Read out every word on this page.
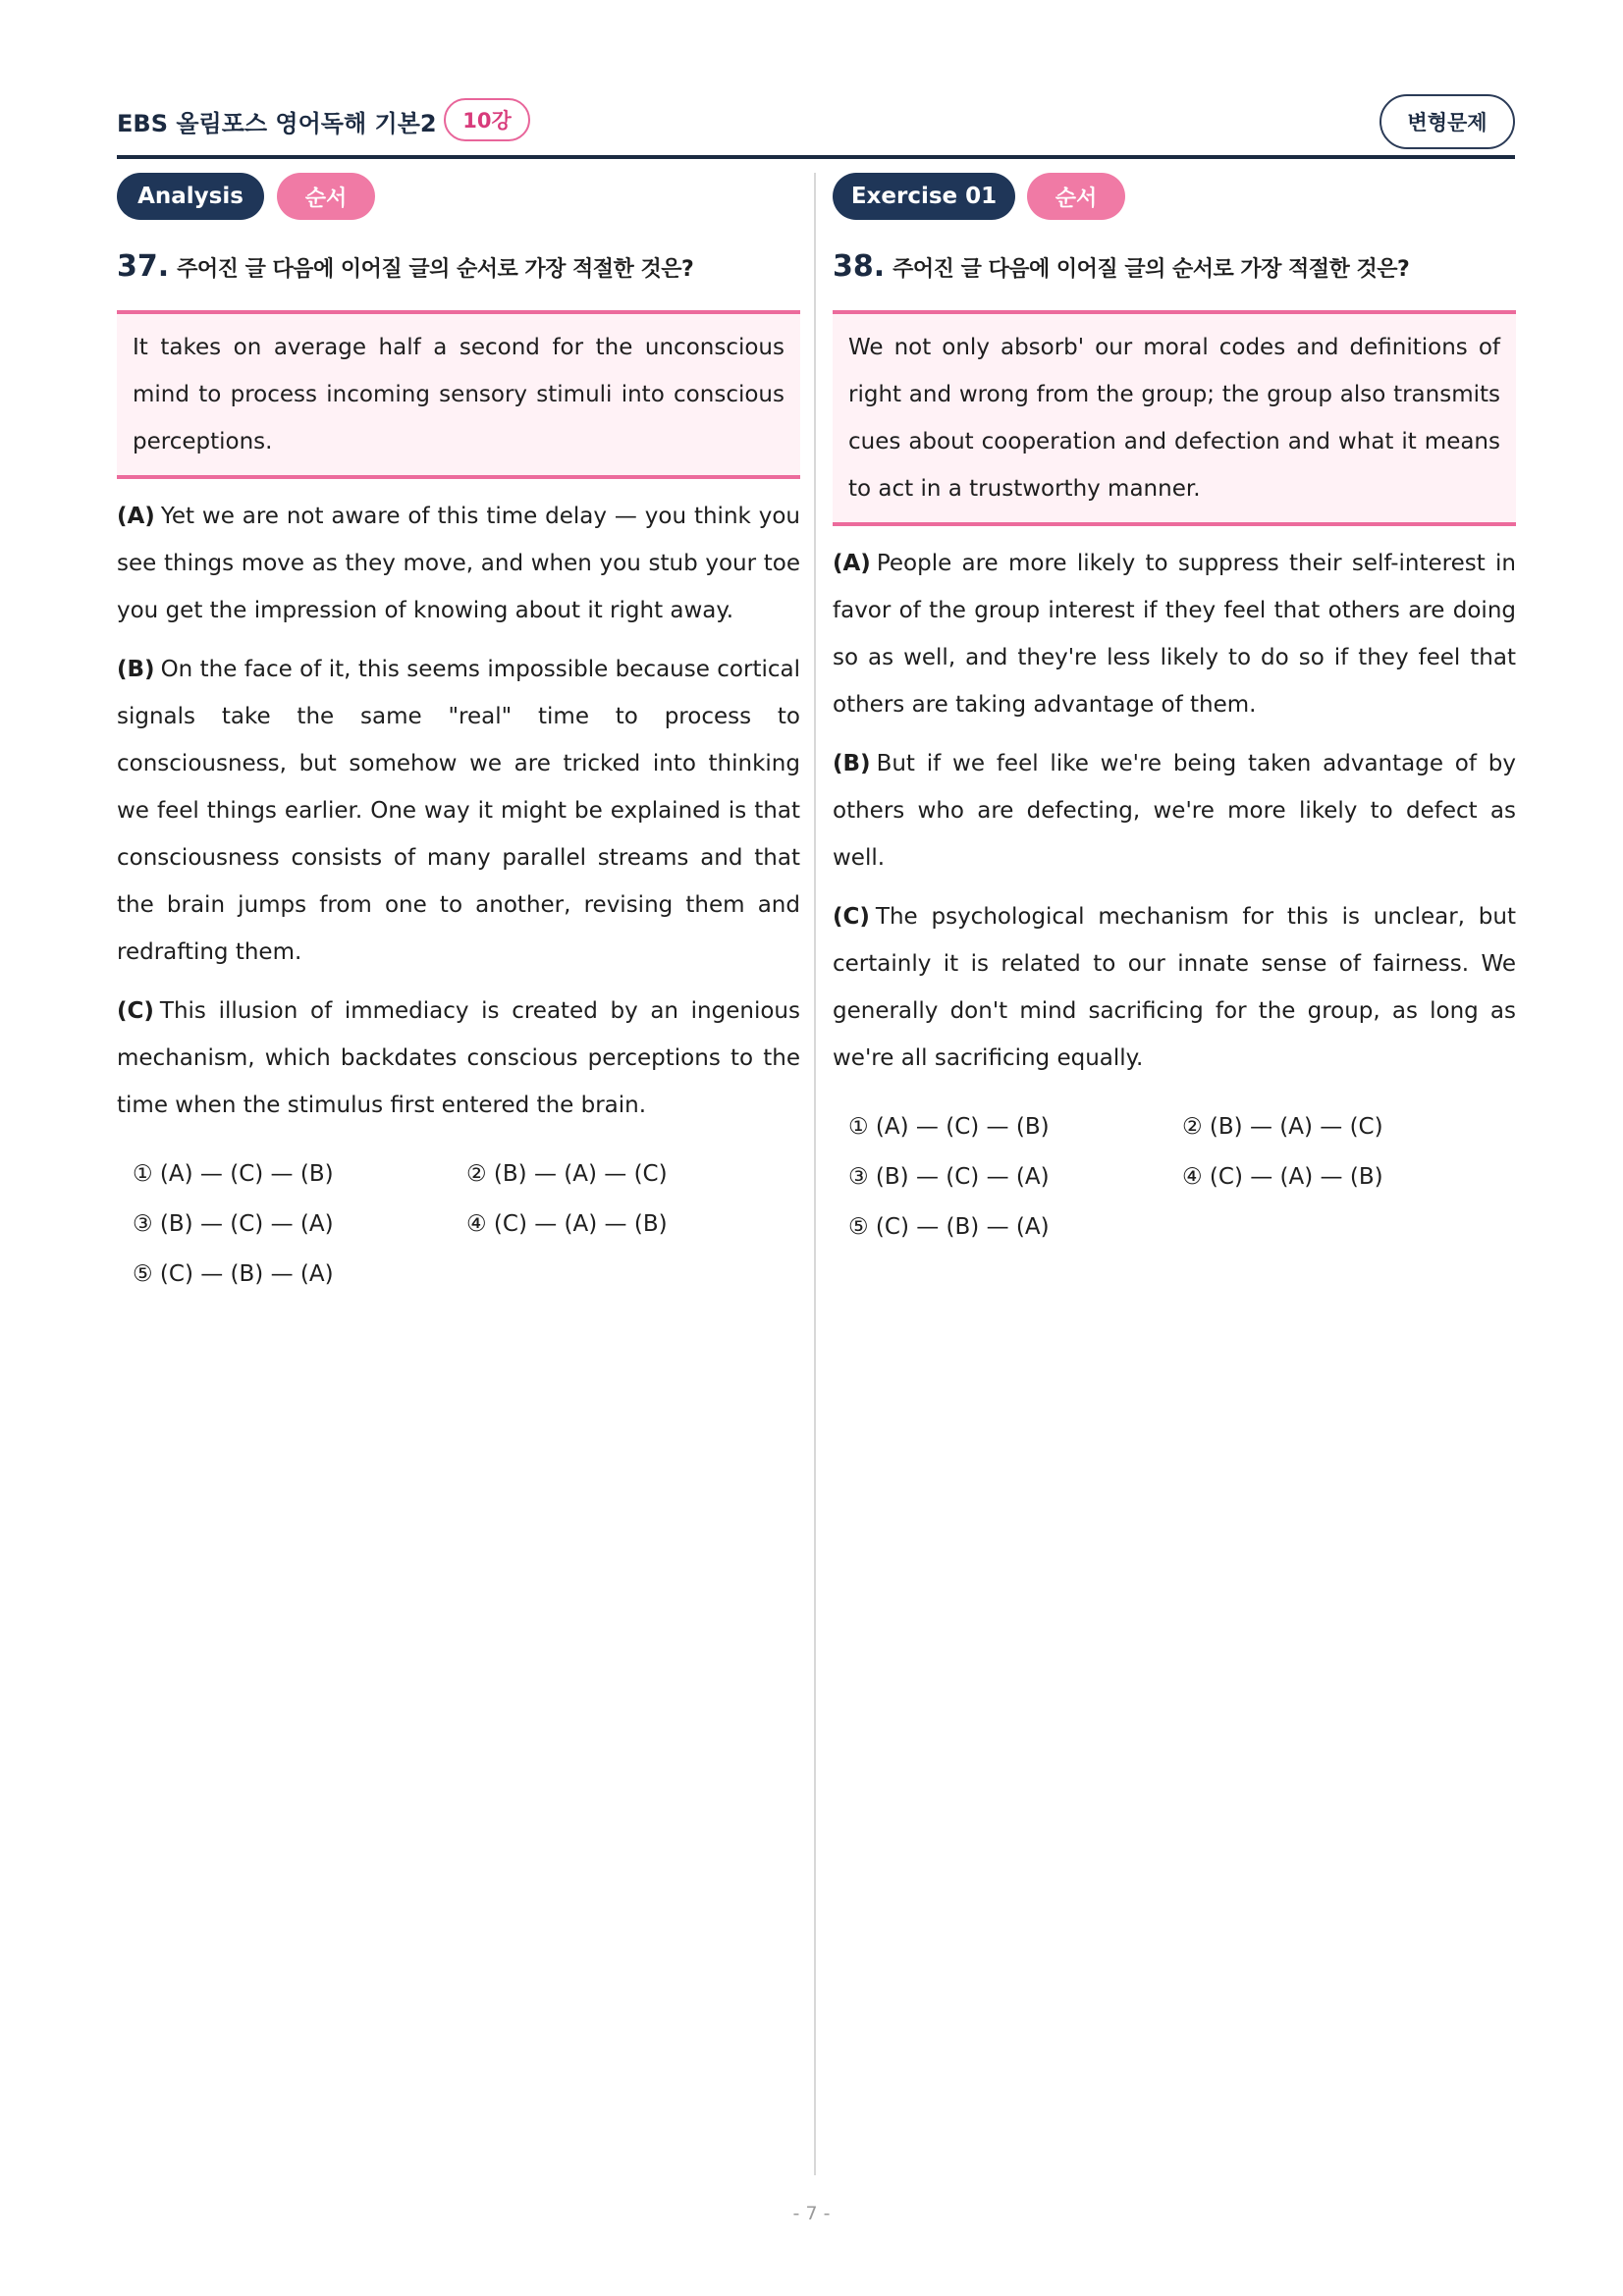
EBS 올림포스 영어독해 기본2	10강	변형문제
Analysis	순서
37. 주어진 글 다음에 이어질 글의 순서로 가장 적절한 것은?
It takes on average half a second for the unconscious mind to process incoming sensory stimuli into conscious perceptions.
(A) Yet we are not aware of this time delay — you think you see things move as they move, and when you stub your toe you get the impression of knowing about it right away.
(B) On the face of it, this seems impossible because cortical signals take the same "real" time to process to consciousness, but somehow we are tricked into thinking we feel things earlier. One way it might be explained is that consciousness consists of many parallel streams and that the brain jumps from one to another, revising them and redrafting them.
(C) This illusion of immediacy is created by an ingenious mechanism, which backdates conscious perceptions to the time when the stimulus first entered the brain.
① (A) — (C) — (B)	② (B) — (A) — (C)
③ (B) — (C) — (A)	④ (C) — (A) — (B)
⑤ (C) — (B) — (A)
Exercise 01	순서
38. 주어진 글 다음에 이어질 글의 순서로 가장 적절한 것은?
We not only absorb' our moral codes and definitions of right and wrong from the group; the group also transmits cues about cooperation and defection and what it means to act in a trustworthy manner.
(A) People are more likely to suppress their self-interest in favor of the group interest if they feel that others are doing so as well, and they're less likely to do so if they feel that others are taking advantage of them.
(B) But if we feel like we're being taken advantage of by others who are defecting, we're more likely to defect as well.
(C) The psychological mechanism for this is unclear, but certainly it is related to our innate sense of fairness. We generally don't mind sacrificing for the group, as long as we're all sacrificing equally.
① (A) — (C) — (B)	② (B) — (A) — (C)
③ (B) — (C) — (A)	④ (C) — (A) — (B)
⑤ (C) — (B) — (A)
- 7 -
